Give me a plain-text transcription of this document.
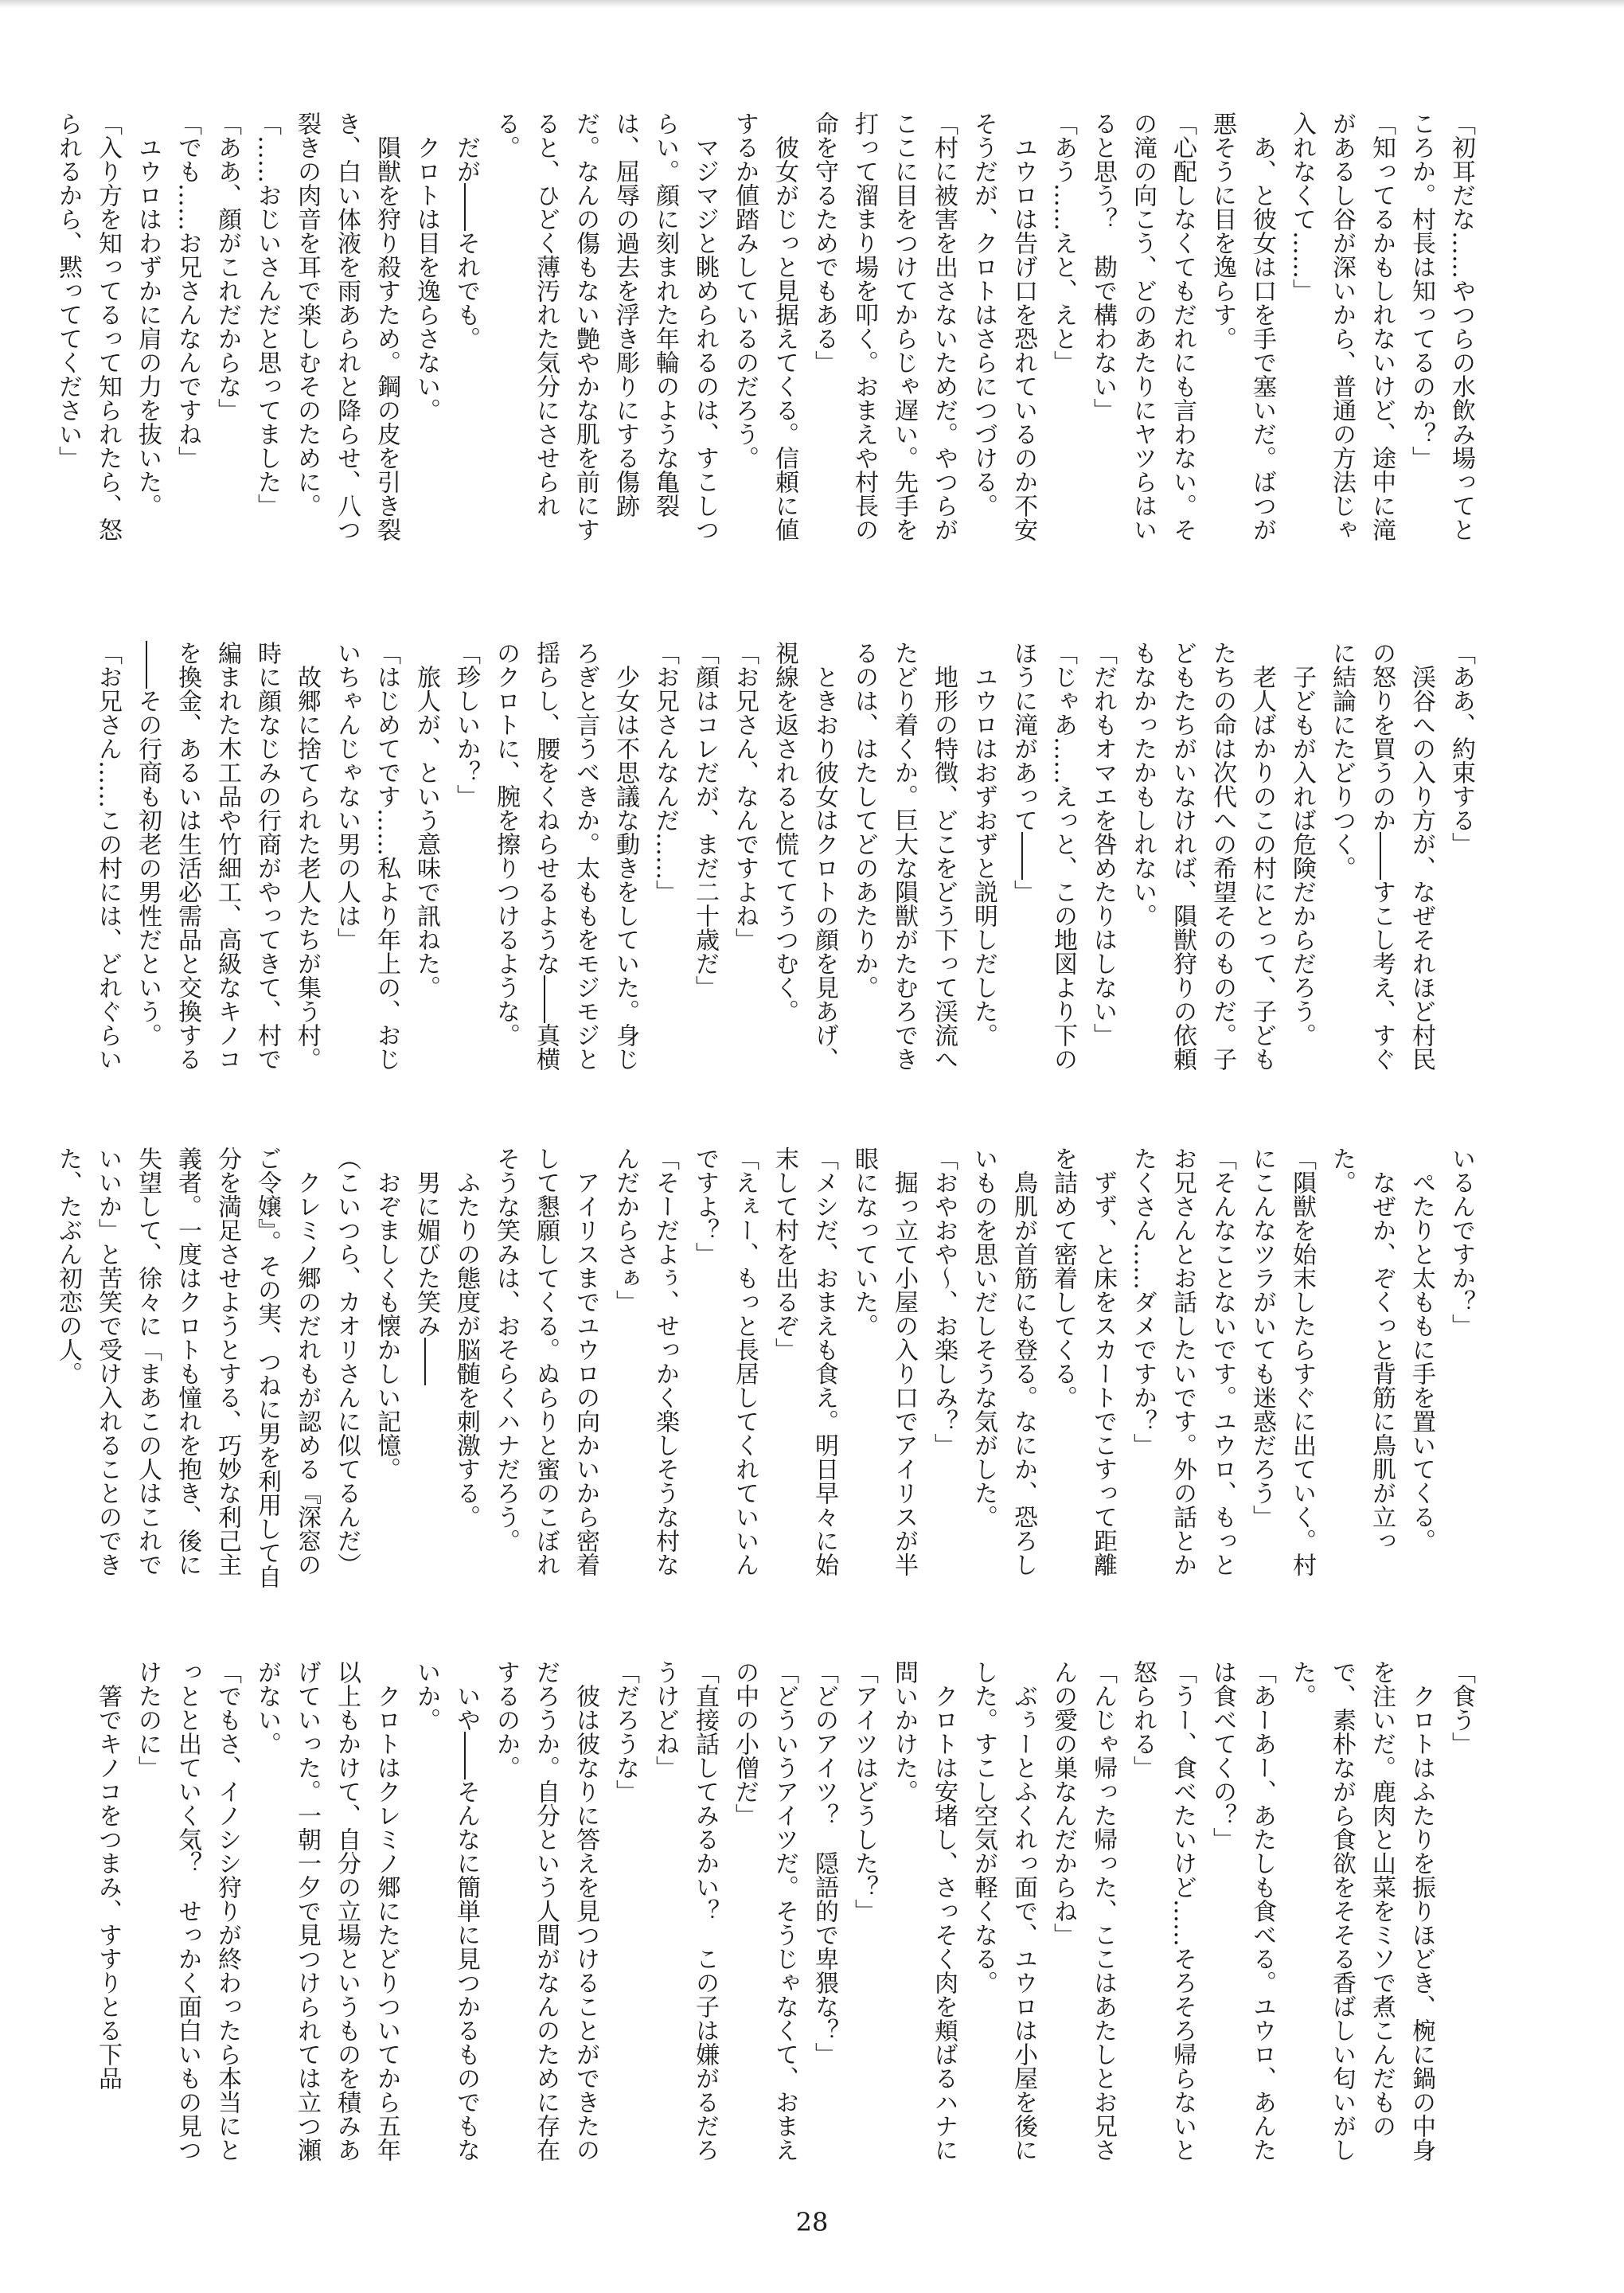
「初耳だな……やつらの水飲み場ってところか。村長は知ってるのか？」

「知ってるかもしれないけど、途中に滝があるし谷が深いから、普通の方法じゃ入れなくて……」

　あ、と彼女は口を手で塞いだ。ばつが悪そうに目を逸らす。

「心配しなくてもだれにも言わない。その滝の向こう、どのあたりにヤツらはいると思う？　勘で構わない」

「あう……えと、えと」

　ユウロは告げ口を恐れているのか不安そうだが、クロトはさらにつづける。

「村に被害を出さないためだ。やつらがここに目をつけてからじゃ遅い。先手を打って溜まり場を叩く。おまえや村長の命を守るためでもある」

　彼女がじっと見据えてくる。信頼に値するか値踏みしているのだろう。

　マジマジと眺められるのは、すこしつらい。顔に刻まれた年輪のような亀裂は、屈辱の過去を浮き彫りにする傷跡だ。なんの傷もない艶やかな肌を前にすると、ひどく薄汚れた気分にさせられる。

　だが――それでも。

　クロトは目を逸らさない。

　隕獣を狩り殺すため。鋼の皮を引き裂き、白い体液を雨あられと降らせ、八つ裂きの肉音を耳で楽しむそのために。

「……おじいさんだと思ってました」

「ああ、顔がこれだからな」

「でも……お兄さんなんですね」

　ユウロはわずかに肩の力を抜いた。

「入り方を知ってるって知られたら、怒られるから、黙っててください」

「ああ、約束する」

　渓谷への入り方が、なぜそれほど村民の怒りを買うのか――すこし考え、すぐに結論にたどりつく。

　子どもが入れば危険だからだろう。

　老人ばかりのこの村にとって、子どもたちの命は次代への希望そのものだ。子どもたちがいなければ、隕獣狩りの依頼もなかったかもしれない。

「だれもオマエを咎めたりはしない」

「じゃあ……えっと、この地図より下のほうに滝があって――」

　ユウロはおずおずと説明しだした。

　地形の特徴、どこをどう下って渓流へたどり着くか。巨大な隕獣がたむろできるのは、はたしてどのあたりか。

　ときおり彼女はクロトの顔を見あげ、視線を返されると慌ててうつむく。

「お兄さん、なんですよね」

「顔はコレだが、まだ二十歳だ」

「お兄さんなんだ……」

　少女は不思議な動きをしていた。身じろぎと言うべきか。太ももをモジモジと揺らし、腰をくねらせるような――真横のクロトに、腕を擦りつけるような。

「珍しいか？」

　旅人が、という意味で訊ねた。

「はじめてです……私より年上の、おじいちゃんじゃない男の人は」

　故郷に捨てられた老人たちが集う村。時に顔なじみの行商がやってきて、村で編まれた木工品や竹細工、高級なキノコを換金、あるいは生活必需品と交換する――その行商も初老の男性だという。

「お兄さん……この村には、どれぐらい

いるんですか？」

　ぺたりと太ももに手を置いてくる。

　なぜか、ぞくっと背筋に鳥肌が立った。

「隕獣を始末したらすぐに出ていく。村にこんなツラがいても迷惑だろう」

「そんなことないです。ユウロ、もっとお兄さんとお話したいです。外の話とかたくさん……ダメですか？」

　ずず、と床をスカートでこすって距離を詰めて密着してくる。

　鳥肌が首筋にも登る。なにか、恐ろしいものを思いだしそうな気がした。

「おやおや～、お楽しみ？」

　掘っ立て小屋の入り口でアイリスが半眼になっていた。

「メシだ、おまえも食え。明日早々に始末して村を出るぞ」

「えぇー、もっと長居してくれていいんですよ？」

「そーだよぅ、せっかく楽しそうな村なんだからさぁ」

　アイリスまでユウロの向かいから密着して懇願してくる。ぬらりと蜜のこぼれそうな笑みは、おそらくハナだろう。

　ふたりの態度が脳髄を刺激する。

　男に媚びた笑み――

　おぞましくも懐かしい記憶。

（こいつら、カオリさんに似てるんだ）

　クレミノ郷のだれもが認める『深窓のご令嬢』。その実、つねに男を利用して自分を満足させようとする、巧妙な利己主義者。一度はクロトも憧れを抱き、後に失望して、徐々に「まあこの人はこれでいいか」と苦笑で受け入れることのできた、たぶん初恋の人。

「食う」

　クロトはふたりを振りほどき、椀に鍋の中身を注いだ。鹿肉と山菜をミソで煮こんだもので、素朴ながら食欲をそそる香ばしい匂いがした。

「あーあー、あたしも食べる。ユウロ、あんたは食べてくの？」

「うー、食べたいけど……そろそろ帰らないと怒られる」

「んじゃ帰った帰った、ここはあたしとお兄さんの愛の巣なんだからね」

　ぶぅーとふくれっ面で、ユウロは小屋を後にした。すこし空気が軽くなる。

　クロトは安堵し、さっそく肉を頬ばるハナに問いかけた。

「アイツはどうした？」

「どのアイツ？　隠語的で卑猥な？」

「どういうアイツだ。そうじゃなくて、おまえの中の小僧だ」

「直接話してみるかい？　この子は嫌がるだろうけどね」

「だろうな」

　彼は彼なりに答えを見つけることができたのだろうか。自分という人間がなんのために存在するのか。

　いや――そんなに簡単に見つかるものでもないか。

　クロトはクレミノ郷にたどりついてから五年以上もかけて、自分の立場というものを積みあげていった。一朝一夕で見つけられては立つ瀬がない。

「でもさ、イノシシ狩りが終わったら本当にとっとと出ていく気？　せっかく面白いもの見つけたのに」

　箸でキノコをつまみ、すすりとる下品

28
